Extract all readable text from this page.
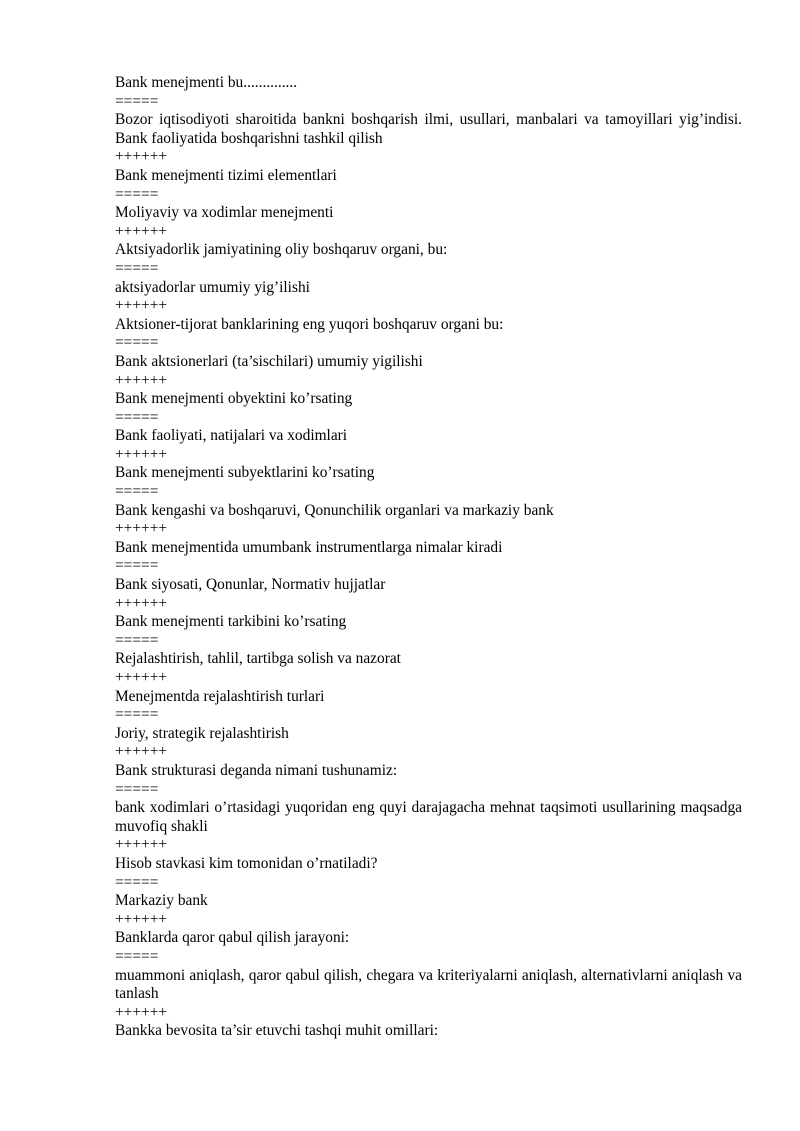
Bank menejmenti bu..............

=====

Bozor iqtisodiyoti sharoitida bankni boshqarish ilmi, usullari, manbalari va tamoyillari yig’indisi. Bank faoliyatida boshqarishni tashkil qilish

++++++

Bank menejmenti tizimi elementlari

=====

Moliyaviy va xodimlar menejmenti

++++++

Aktsiyadorlik jamiyatining oliy boshqaruv organi, bu:

=====

aktsiyadorlar umumiy yig’ilishi

++++++

Aktsioner-tijorat banklarining eng yuqori boshqaruv organi bu:

=====

Bank aktsionerlari (ta’sischilari) umumiy yigilishi

++++++

Bank menejmenti obyektini ko’rsating

=====

Bank faoliyati, natijalari va xodimlari

++++++

Bank menejmenti subyektlarini ko’rsating

=====

Bank kengashi va boshqaruvi, Qonunchilik organlari va markaziy bank

++++++

Bank menejmentida umumbank instrumentlarga nimalar kiradi

=====

Bank siyosati, Qonunlar, Normativ hujjatlar

++++++

Bank menejmenti tarkibini ko’rsating

=====

Rejalashtirish, tahlil, tartibga solish va nazorat

++++++

Menejmentda rejalashtirish turlari

=====

Joriy, strategik rejalashtirish

++++++

Bank strukturasi deganda nimani tushunamiz:

=====

bank xodimlari o’rtasidagi yuqoridan eng quyi darajagacha mehnat taqsimoti usullarining maqsadga muvofiq shakli

++++++

Hisob stavkasi kim tomonidan o’rnatiladi?

=====

Markaziy bank

++++++

Banklarda qaror qabul qilish jarayoni:

=====

muammoni aniqlash, qaror qabul qilish, chegara va kriteriyalarni aniqlash, alternativlarni aniqlash va tanlash

++++++

Bankka bevosita ta’sir etuvchi tashqi muhit omillari:
